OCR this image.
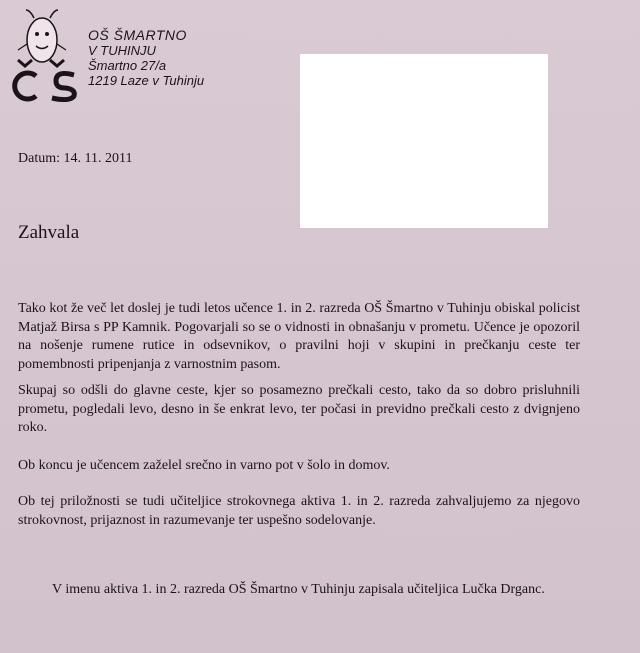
OŠ ŠMARTNO
V TUHINJU
Šmartno 27/a
1219 Laze v Tuhinju
Datum: 14. 11. 2011
Zahvala
Tako kot že več let doslej je tudi letos učence 1. in 2. razreda OŠ Šmartno v Tuhinju obiskal policist Matjaž Birsa s PP Kamnik. Pogovarjali so se o vidnosti in obnašanju v prometu. Učence je opozoril na nošenje rumene rutice in odsevnikov, o pravilni hoji v skupini in prečkanju ceste ter pomembnosti pripenjanja z varnostnim pasom.
Skupaj so odšli do glavne ceste, kjer so posamezno prečkali cesto, tako da so dobro prisluhnili prometu, pogledali levo, desno in še enkrat levo, ter počasi in previdno prečkali cesto z dvignjeno roko.
Ob koncu je učencem zaželel srečno in varno pot v šolo in domov.
Ob tej priložnosti se tudi učiteljice strokovnega aktiva 1. in 2. razreda zahvaljujemo za njegovo strokovnost, prijaznost in razumevanje ter uspešno sodelovanje.
V imenu aktiva 1. in 2. razreda OŠ Šmartno v Tuhinju zapisala učiteljica Lučka Drganc.
